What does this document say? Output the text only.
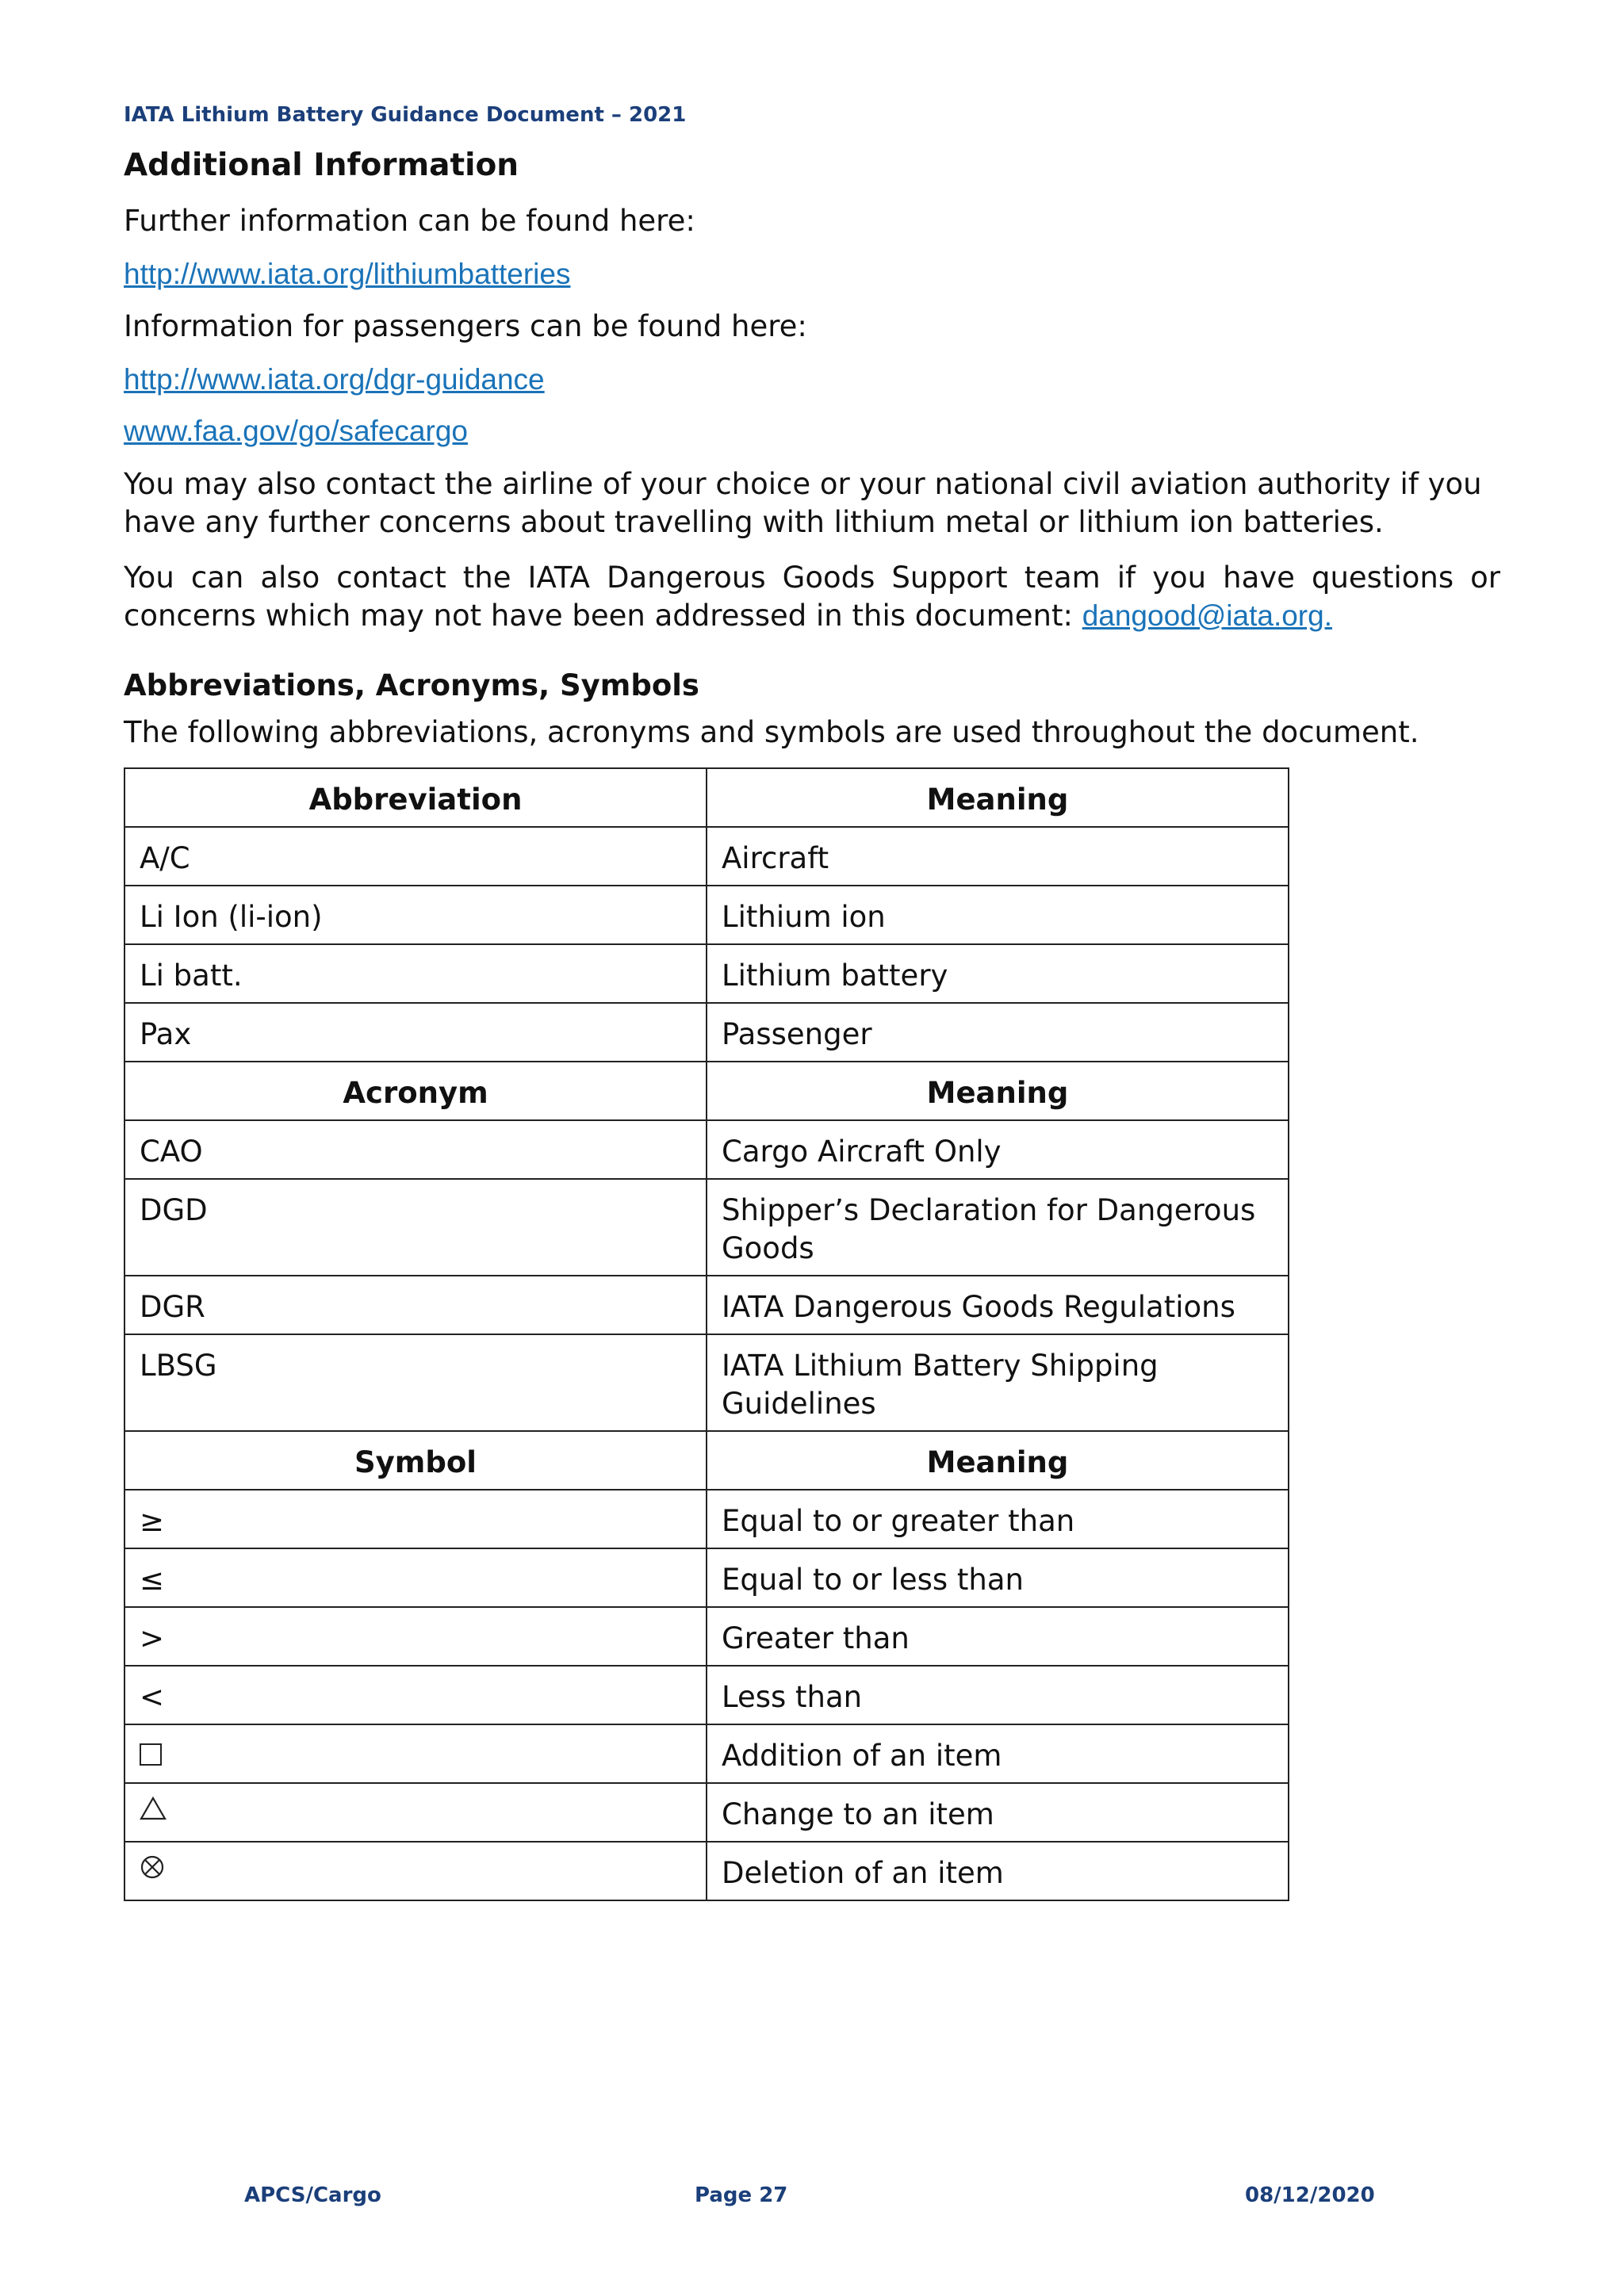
IATA Lithium Battery Guidance Document – 2021
Additional Information
Further information can be found here:
http://www.iata.org/lithiumbatteries
Information for passengers can be found here:
http://www.iata.org/dgr-guidance
www.faa.gov/go/safecargo
You may also contact the airline of your choice or your national civil aviation authority if you have any further concerns about travelling with lithium metal or lithium ion batteries.
You can also contact the IATA Dangerous Goods Support team if you have questions or concerns which may not have been addressed in this document: dangood@iata.org.
Abbreviations, Acronyms, Symbols
The following abbreviations, acronyms and symbols are used throughout the document.
Abbreviation	Meaning
A/C	Aircraft
Li Ion (li-ion)	Lithium ion
Li batt.	Lithium battery
Pax	Passenger
Acronym	Meaning
CAO	Cargo Aircraft Only
DGD	Shipper’s Declaration for Dangerous Goods
DGR	IATA Dangerous Goods Regulations
LBSG	IATA Lithium Battery Shipping Guidelines
Symbol	Meaning
≥	Equal to or greater than
≤	Equal to or less than
>	Greater than
<	Less than
	Addition of an item

	Change to an item

	Deletion of an item
APCS/Cargo	Page 27	08/12/2020
